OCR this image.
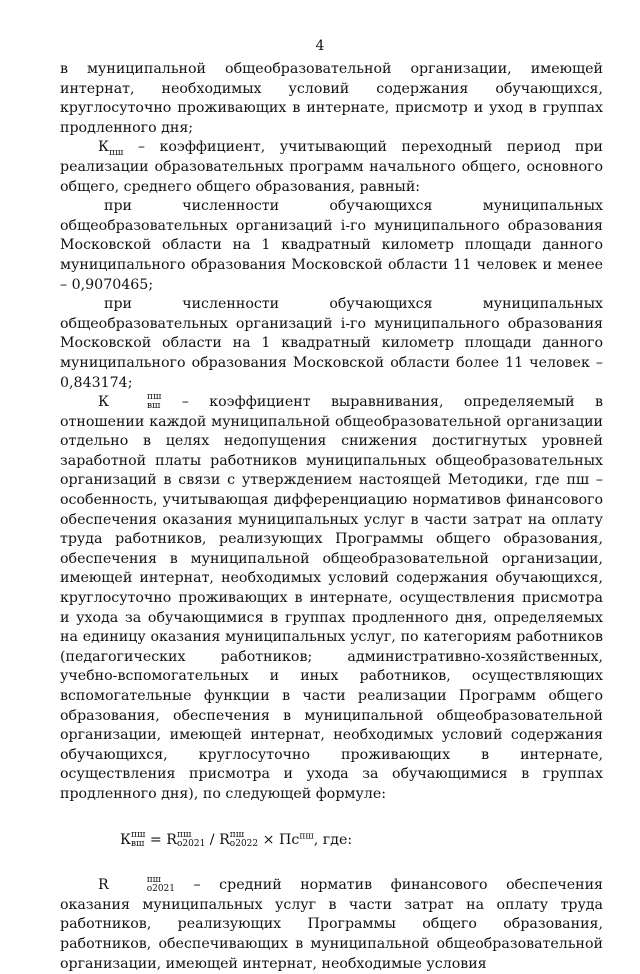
4

в муниципальной общеобразовательной организации, имеющей интернат, необходимых условий содержания обучающихся, круглосуточно проживающих в интернате, присмотр и уход в группах продленного дня;

$К_{пш}$ – коэффициент, учитывающий переходный период при реализации образовательных программ начального общего, основного общего, среднего общего образования, равный:

при численности обучающихся муниципальных общеобразовательных организаций i-го муниципального образования Московской области на 1 квадратный километр площади данного муниципального образования Московской области 11 человек и менее – 0,9070465;

при численности обучающихся муниципальных общеобразовательных организаций i-го муниципального образования Московской области на 1 квадратный километр площади данного муниципального образования Московской области более 11 человек – 0,843174;

К	пш
вш – коэффициент выравнивания, определяемый в отношении каждой муниципальной общеобразовательной организации отдельно в целях недопущения снижения достигнутых уровней заработной платы работников муниципальных общеобразовательных организаций в связи с утверждением настоящей Методики, где пш – особенность, учитывающая дифференциацию нормативов финансового обеспечения оказания муниципальных услуг в части затрат на оплату труда работников, реализующих Программы общего образования, обеспечения в муниципальной общеобразовательной организации, имеющей интернат, необходимых условий содержания обучающихся, круглосуточно проживающих в интернате, осуществления присмотра и ухода за обучающимися в группах продленного дня, определяемых на единицу оказания муниципальных услуг, по категориям работников (педагогических работников; административно-хозяйственных, учебно-вспомогательных и иных работников, осуществляющих вспомогательные функции в части реализации Программ общего образования, обеспечения в муниципальной общеобразовательной организации, имеющей интернат, необходимых условий содержания обучающихся, круглосуточно проживающих в интернате, осуществления присмотра и ухода за обучающимися в группах продленного дня), по следующей формуле:

К пш
вш = R пш
o2021 / R пш
$o2022 \times Пс^{пш}$, где:

R	пш
o2021 – средний норматив финансового обеспечения оказания муниципальных услуг в части затрат на оплату труда работников, реализующих Программы общего образования, работников, обеспечивающих в муниципальной общеобразовательной организации, имеющей интернат, необходимые условия
